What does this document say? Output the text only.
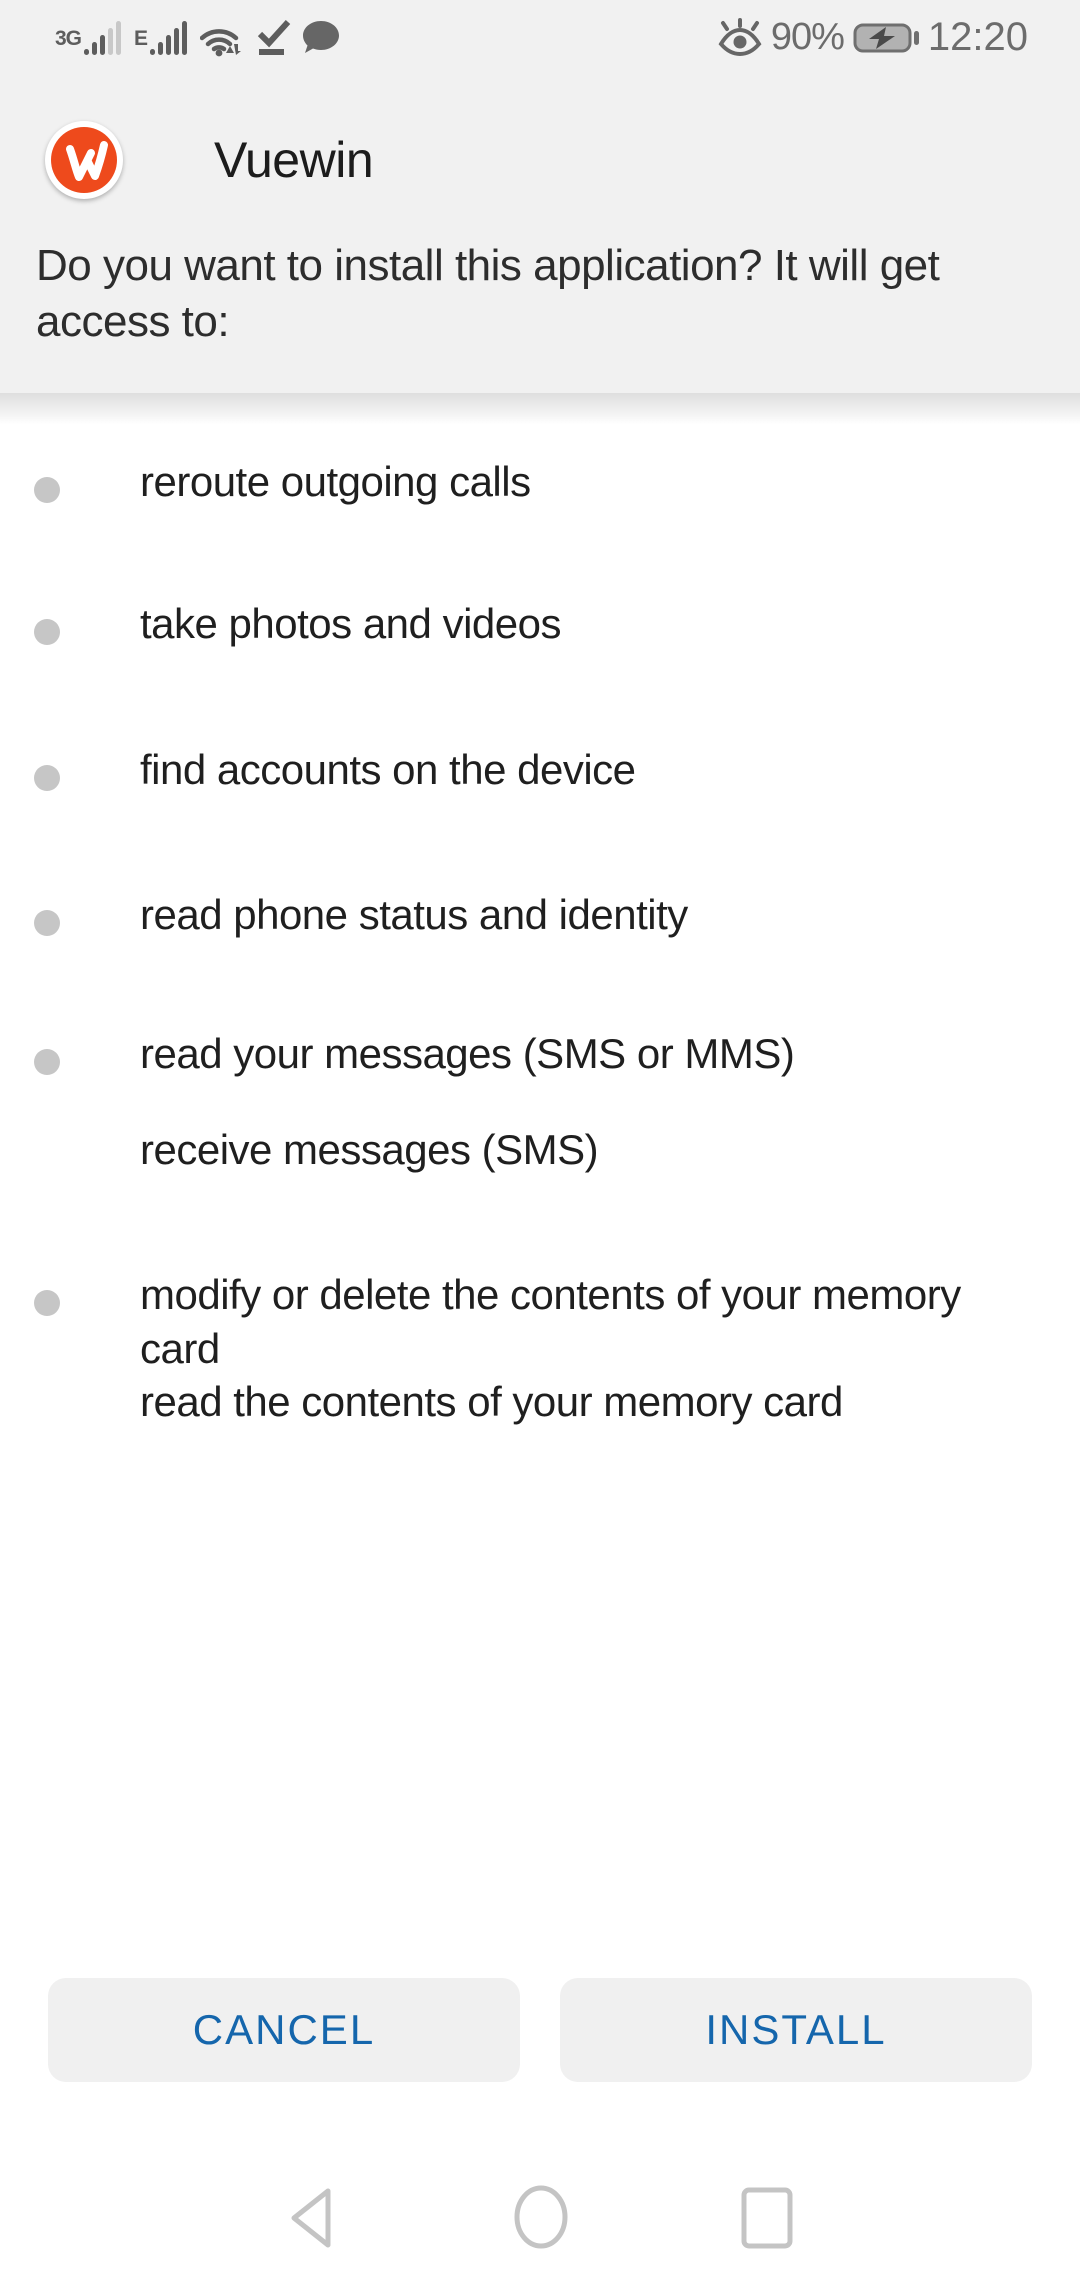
3G	E	90% 12:20
Vuewin
Do you want to install this application? It will get
access to:
reroute outgoing calls
take photos and videos
find accounts on the device
read phone status and identity
read your messages (SMS or MMS)
receive messages (SMS)
modify or delete the contents of your memory
card
read the contents of your memory card
CANCEL	INSTALL
